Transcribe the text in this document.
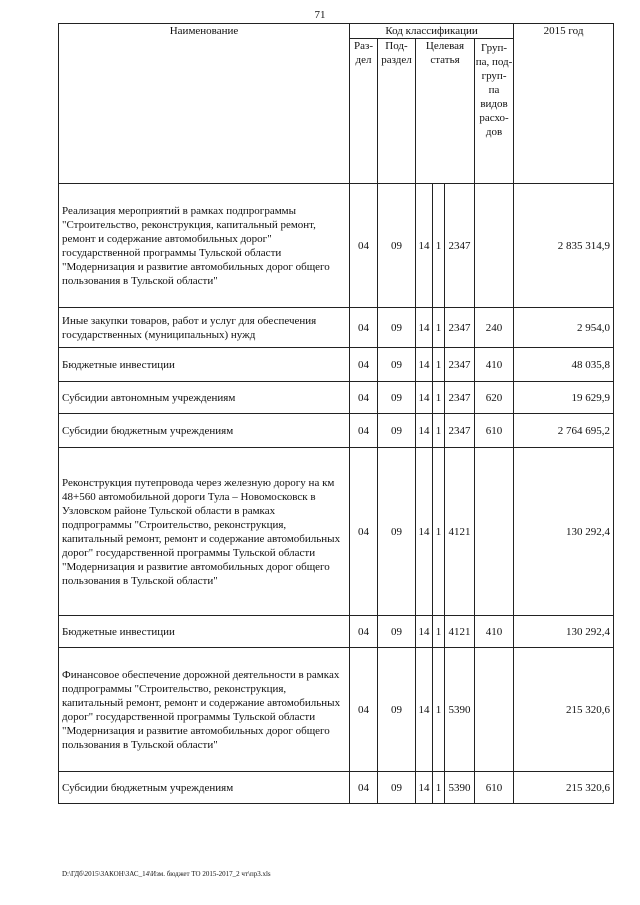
71
Наименование	Код классификации						2015 год
	Раз- дел	Под- раздел	Целевая статья			Груп- па, под- груп- па видов расхо- дов	
Реализация мероприятий в рамках подпрограммы "Строительство, реконструкция, капитальный ремонт, ремонт и содержание автомобильных дорог" государственной программы Тульской области "Модернизация и развитие автомобильных дорог общего пользования в Тульской области"	04	09	14	1	2347		2 835 314,9
Иные закупки товаров, работ и услуг для обеспечения государственных (муниципальных) нужд	04	09	14	1	2347	240	2 954,0
Бюджетные инвестиции	04	09	14	1	2347	410	48 035,8
Субсидии автономным учреждениям	04	09	14	1	2347	620	19 629,9
Субсидии бюджетным учреждениям	04	09	14	1	2347	610	2 764 695,2
Реконструкция путепровода через железную дорогу на км 48+560 автомобильной дороги Тула – Новомосковск в Узловском районе Тульской области в рамках подпрограммы "Строительство, реконструкция, капитальный ремонт, ремонт и содержание автомобильных дорог" государственной программы Тульской области "Модернизация и развитие автомобильных дорог общего пользования в Тульской области"	04	09	14	1	4121		130 292,4
Бюджетные инвестиции	04	09	14	1	4121	410	130 292,4
Финансовое обеспечение дорожной деятельности в рамках подпрограммы "Строительство, реконструкция, капитальный ремонт, ремонт и содержание автомобильных дорог" государственной программы Тульской области "Модернизация и развитие автомобильных дорог общего пользования в Тульской области"	04	09	14	1	5390		215 320,6
Субсидии бюджетным учреждениям	04	09	14	1	5390	610	215 320,6
D:\ГДб\2015\ЗАКОН\ЗАС_14\Изм. бюджет ТО 2015-2017_2 чт\пр3.xls
